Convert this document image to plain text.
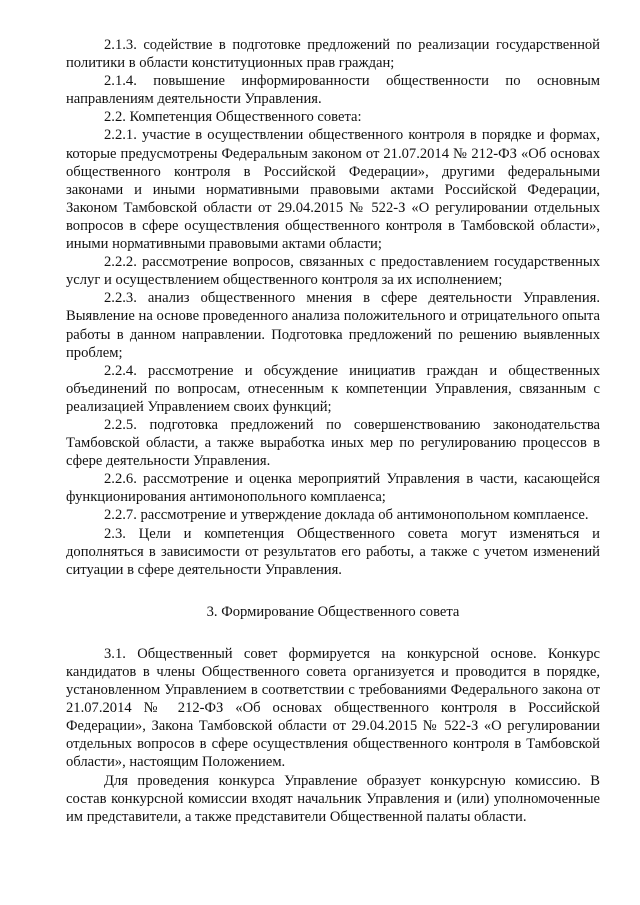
2.1.3. содействие в подготовке предложений по реализации государственной политики в области конституционных прав граждан;

2.1.4. повышение информированности общественности по основным направлениям деятельности Управления.

2.2. Компетенция Общественного совета:

2.2.1. участие в осуществлении общественного контроля в порядке и формах, которые предусмотрены Федеральным законом от 21.07.2014 № 212-ФЗ «Об основах общественного контроля в Российской Федерации», другими федеральными законами и иными нормативными правовыми актами Российской Федерации, Законом Тамбовской области от 29.04.2015 № 522-З «О регулировании отдельных вопросов в сфере осуществления общественного контроля в Тамбовской области», иными нормативными правовыми актами области;

2.2.2. рассмотрение вопросов, связанных с предоставлением государственных услуг и осуществлением общественного контроля за их исполнением;

2.2.3. анализ общественного мнения в сфере деятельности Управления. Выявление на основе проведенного анализа положительного и отрицательного опыта работы в данном направлении. Подготовка предложений по решению выявленных проблем;

2.2.4. рассмотрение и обсуждение инициатив граждан и общественных объединений по вопросам, отнесенным к компетенции Управления, связанным с реализацией Управлением своих функций;

2.2.5. подготовка предложений по совершенствованию законодательства Тамбовской области, а также выработка иных мер по регулированию процессов в сфере деятельности Управления.

2.2.6. рассмотрение и оценка мероприятий Управления в части, касающейся функционирования антимонопольного комплаенса;

2.2.7. рассмотрение и утверждение доклада об антимонопольном комплаенсе.

2.3. Цели и компетенция Общественного совета могут изменяться и дополняться в зависимости от результатов его работы, а также с учетом изменений ситуации в сфере деятельности Управления.

3. Формирование Общественного совета

3.1. Общественный совет формируется на конкурсной основе. Конкурс кандидатов в члены Общественного совета организуется и проводится в порядке, установленном Управлением в соответствии с требованиями Федерального закона от 21.07.2014 № 212-ФЗ «Об основах общественного контроля в Российской Федерации», Закона Тамбовской области от 29.04.2015 № 522-З «О регулировании отдельных вопросов в сфере осуществления общественного контроля в Тамбовской области», настоящим Положением.

Для проведения конкурса Управление образует конкурсную комиссию. В состав конкурсной комиссии входят начальник Управления и (или) уполномоченные им представители, а также представители Общественной палаты области.
